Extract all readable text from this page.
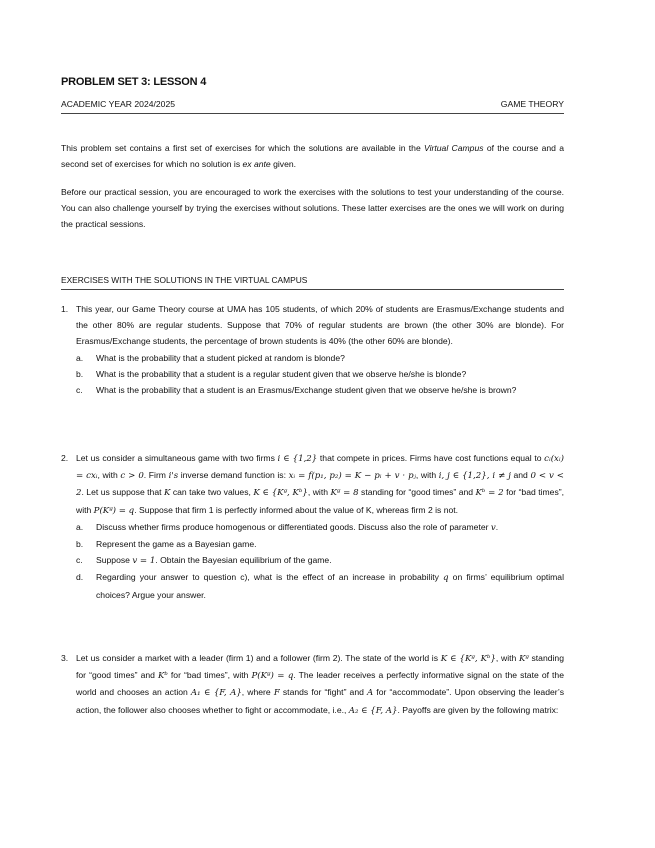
PROBLEM SET 3: LESSON 4
ACADEMIC YEAR 2024/2025	GAME THEORY
This problem set contains a first set of exercises for which the solutions are available in the Virtual Campus of the course and a second set of exercises for which no solution is ex ante given.
Before our practical session, you are encouraged to work the exercises with the solutions to test your understanding of the course. You can also challenge yourself by trying the exercises without solutions. These latter exercises are the ones we will work on during the practical sessions.
EXERCISES WITH THE SOLUTIONS IN THE VIRTUAL CAMPUS
1. This year, our Game Theory course at UMA has 105 students, of which 20% of students are Erasmus/Exchange students and the other 80% are regular students. Suppose that 70% of regular students are brown (the other 30% are blonde). For Erasmus/Exchange students, the percentage of brown students is 40% (the other 60% are blonde).
a. What is the probability that a student picked at random is blonde?
b. What is the probability that a student is a regular student given that we observe he/she is blonde?
c. What is the probability that a student is an Erasmus/Exchange student given that we observe he/she is brown?
2. Let us consider a simultaneous game with two firms i ∈ {1,2} that compete in prices. Firms have cost functions equal to cᵢ(xᵢ) = cxᵢ, with c > 0. Firm i's inverse demand function is: xᵢ = f(p₁, p₂) = K − pᵢ + v · pⱼ, with i, j ∈ {1,2}, i ≠ j and 0 < v < 2. Let us suppose that K can take two values, K ∈ {Kᵍ, Kᵇ}, with Kᵍ = 8 standing for “good times” and Kᵇ = 2 for “bad times”, with P(Kᵍ) = q. Suppose that firm 1 is perfectly informed about the value of K, whereas firm 2 is not.
a. Discuss whether firms produce homogenous or differentiated goods. Discuss also the role of parameter v.
b. Represent the game as a Bayesian game.
c. Suppose v = 1. Obtain the Bayesian equilibrium of the game.
d. Regarding your answer to question c), what is the effect of an increase in probability q on firms’ equilibrium optimal choices? Argue your answer.
3. Let us consider a market with a leader (firm 1) and a follower (firm 2). The state of the world is K ∈ {Kᵍ, Kᵇ}, with Kᵍ standing for “good times” and Kᵇ for “bad times”, with P(Kᵍ) = q. The leader receives a perfectly informative signal on the state of the world and chooses an action A₁ ∈ {F, A}, where F stands for “fight” and A for “accommodate”. Upon observing the leader’s action, the follower also chooses whether to fight or accommodate, i.e., A₂ ∈ {F, A}. Payoffs are given by the following matrix:
